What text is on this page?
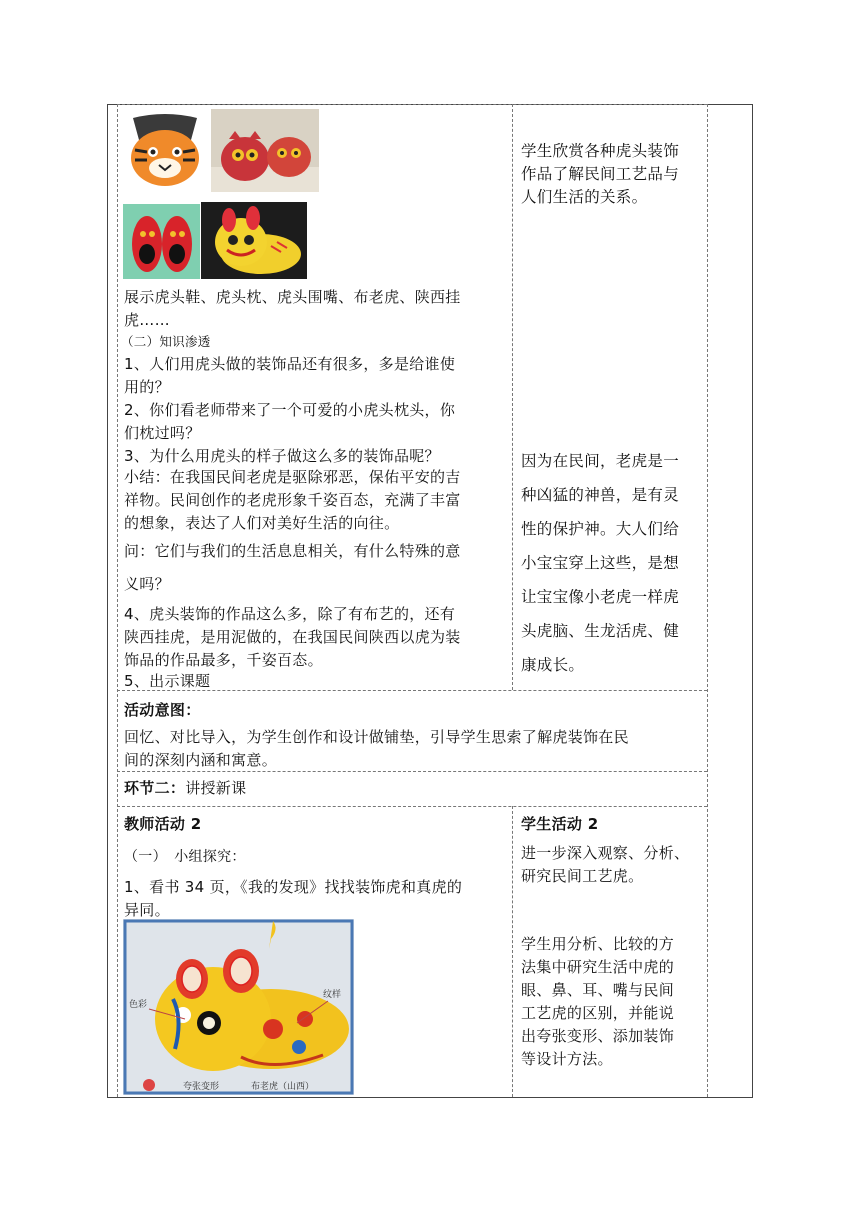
展示虎头鞋、虎头枕、虎头围嘴、布老虎、陕西挂
虎……
（二）知识渗透
1、人们用虎头做的装饰品还有很多，多是给谁使
用的？
2、你们看老师带来了一个可爱的小虎头枕头，你
们枕过吗？
3、为什么用虎头的样子做这么多的装饰品呢？
小结：在我国民间老虎是驱除邪恶，保佑平安的吉
祥物。民间创作的老虎形象千姿百态，充满了丰富
的想象，表达了人们对美好生活的向往。
问：它们与我们的生活息息相关，有什么特殊的意
义吗？
4、虎头装饰的作品这么多，除了有布艺的，还有
陕西挂虎，是用泥做的，在我国民间陕西以虎为装
饰品的作品最多，千姿百态。
5、出示课题
学生欣赏各种虎头装饰
作品了解民间工艺品与
人们生活的关系。
因为在民间，老虎是一
种凶猛的神兽，是有灵
性的保护神。大人们给
小宝宝穿上这些，是想
让宝宝像小老虎一样虎
头虎脑、生龙活虎、健
康成长。
活动意图：
回忆、对比导入，为学生创作和设计做铺垫，引导学生思索了解虎装饰在民
间的深刻内涵和寓意。
环节二：讲授新课
教师活动 2
（一）　小组探究：
1、看书 34 页，《我的发现》找找装饰虎和真虎的
异同。
色彩
纹样
夸张变形	布老虎（山西）
学生活动 2
进一步深入观察、分析、
研究民间工艺虎。
学生用分析、比较的方
法集中研究生活中虎的
眼、鼻、耳、嘴与民间
工艺虎的区别，并能说
出夸张变形、添加装饰
等设计方法。
